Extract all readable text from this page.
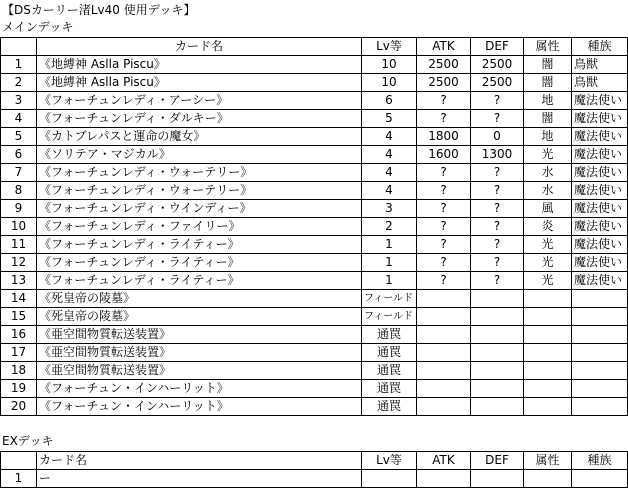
【DSカーリー渚Lv40 使用デッキ】
メインデッキ
	カード名	Lv等	ATK	DEF	属性	種族
1	《地縛神 Aslla Piscu》	10	2500	2500	闇	鳥獣
2	《地縛神 Aslla Piscu》	10	2500	2500	闇	鳥獣
3	《フォーチュンレディ・アーシー》	6	?	?	地	魔法使い
4	《フォーチュンレディ・ダルキー》	5	?	?	闇	魔法使い
5	《カトブレパスと運命の魔女》	4	1800	0	地	魔法使い
6	《ソリテア・マジカル》	4	1600	1300	光	魔法使い
7	《フォーチュンレディ・ウォーテリー》	4	?	?	水	魔法使い
8	《フォーチュンレディ・ウォーテリー》	4	?	?	水	魔法使い
9	《フォーチュンレディ・ウインディー》	3	?	?	風	魔法使い
10	《フォーチュンレディ・ファイリー》	2	?	?	炎	魔法使い
11	《フォーチュンレディ・ライティー》	1	?	?	光	魔法使い
12	《フォーチュンレディ・ライティー》	1	?	?	光	魔法使い
13	《フォーチュンレディ・ライティー》	1	?	?	光	魔法使い
14	《死皇帝の陵墓》	フィールド				
15	《死皇帝の陵墓》	フィールド				
16	《亜空間物質転送装置》	通罠				
17	《亜空間物質転送装置》	通罠				
18	《亜空間物質転送装置》	通罠				
19	《フォーチュン・インハーリット》	通罠				
20	《フォーチュン・インハーリット》	通罠				
EXデッキ
	カード名	Lv等	ATK	DEF	属性	種族
1	ー					
